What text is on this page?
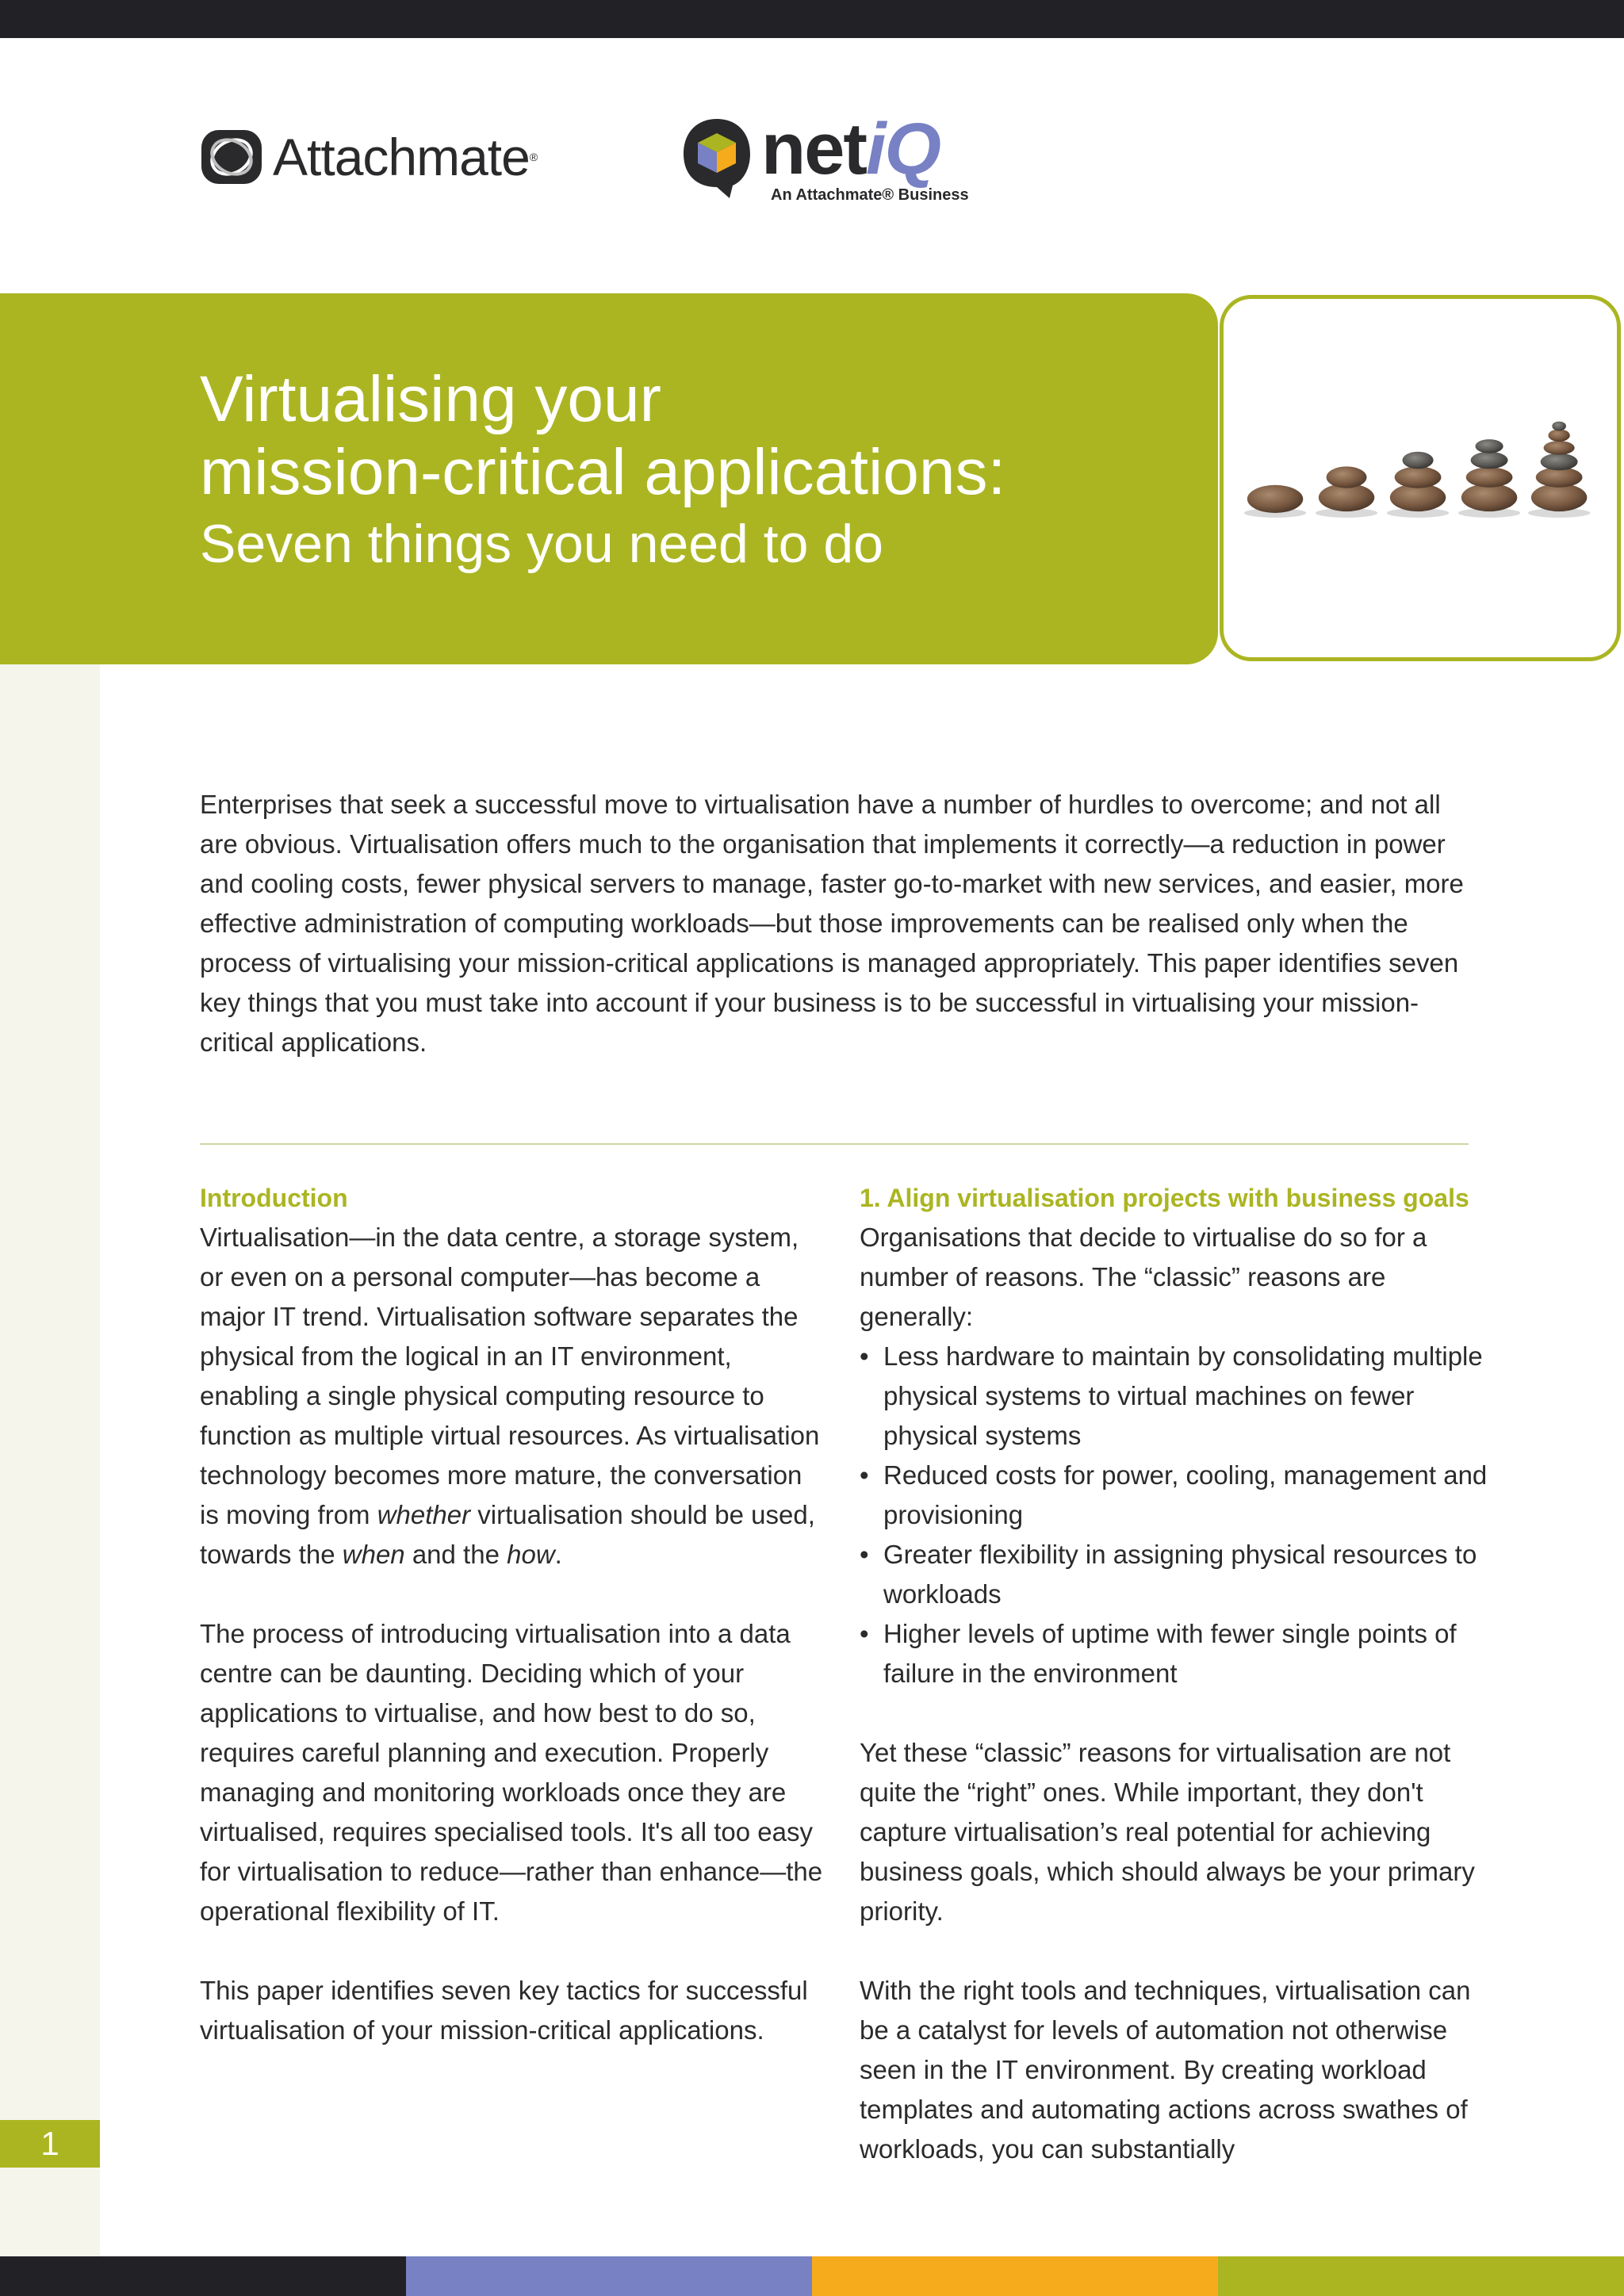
Attachmate ®	netiQ
An Attachmate® Business
Virtualising your
mission-critical applications:
Seven things you need to do
Enterprises that seek a successful move to virtualisation have a number of hurdles to overcome; and not all are obvious. Virtualisation offers much to the organisation that implements it correctly—a reduction in power and cooling costs, fewer physical servers to manage, faster go-to-market with new services, and easier, more effective administration of computing workloads—but those improvements can be realised only when the process of virtualising your mission-critical applications is managed appropriately. This paper identifies seven key things that you must take into account if your business is to be successful in virtualising your mission-critical applications.
Introduction

Virtualisation—in the data centre, a storage system, or even on a personal computer—has become a major IT trend. Virtualisation software separates the physical from the logical in an IT environment, enabling a single physical computing resource to function as multiple virtual resources. As virtualisation technology becomes more mature, the conversation is moving from whether virtualisation should be used, towards the when and the how.

The process of introducing virtualisation into a data centre can be daunting. Deciding which of your applications to virtualise, and how best to do so, requires careful planning and execution. Properly managing and monitoring workloads once they are virtualised, requires specialised tools. It's all too easy for virtualisation to reduce—rather than enhance—the operational flexibility of IT.

This paper identifies seven key tactics for successful virtualisation of your mission-critical applications.

1. Align virtualisation projects with business goals

Organisations that decide to virtualise do so for a number of reasons. The “classic” reasons are generally:

• Less hardware to maintain by consolidating multiple physical systems to virtual machines on fewer physical systems
• Reduced costs for power, cooling, management and provisioning
• Greater flexibility in assigning physical resources to workloads
• Higher levels of uptime with fewer single points of failure in the environment

Yet these “classic” reasons for virtualisation are not quite the “right” ones. While important, they don't capture virtualisation’s real potential for achieving business goals, which should always be your primary priority.

With the right tools and techniques, virtualisation can be a catalyst for levels of automation not otherwise seen in the IT environment. By creating workload templates and automating actions across swathes of workloads, you can substantially

1
